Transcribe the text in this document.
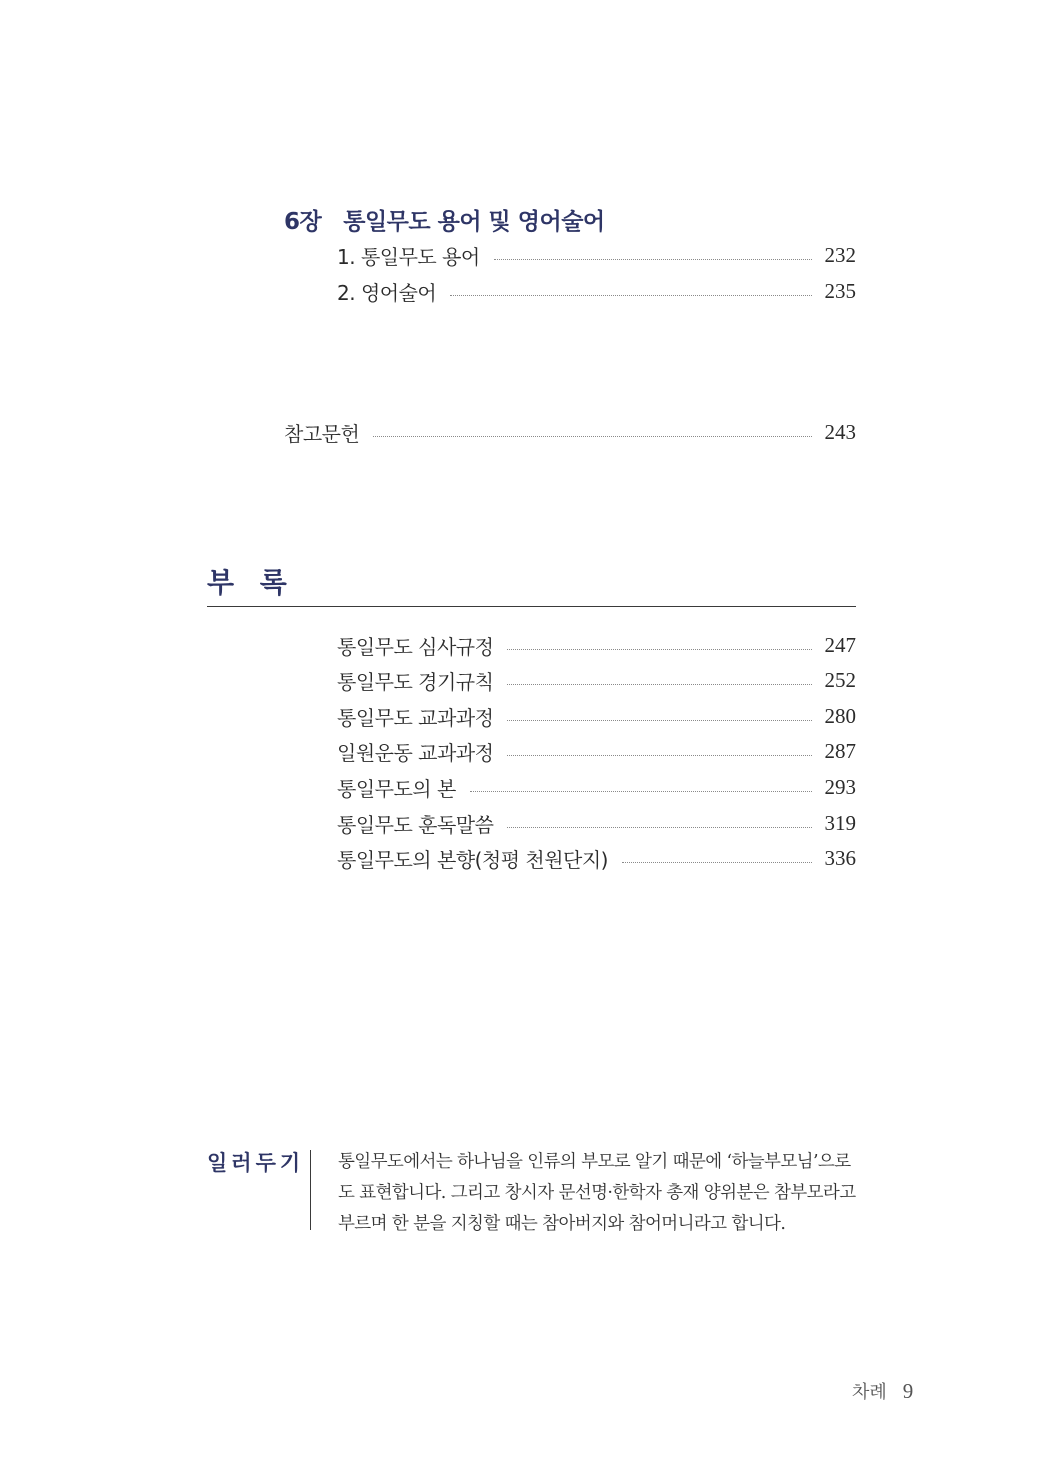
6장 통일무도 용어 및 영어술어
1. 통일무도 용어	232
2. 영어술어	235
참고문헌	243
부 록
통일무도 심사규정	247
통일무도 경기규칙	252
통일무도 교과과정	280
일원운동 교과과정	287
통일무도의 본	293
통일무도 훈독말씀	319
통일무도의 본향(청평 천원단지)	336
일러두기 통일무도에서는 하나님을 인류의 부모로 알기 때문에 ‘하늘부모님’으로도 표현합니다. 그리고 창시자 문선명·한학자 총재 양위분은 참부모라고 부르며 한 분을 지칭할 때는 참아버지와 참어머니라고 합니다.
차례 9
